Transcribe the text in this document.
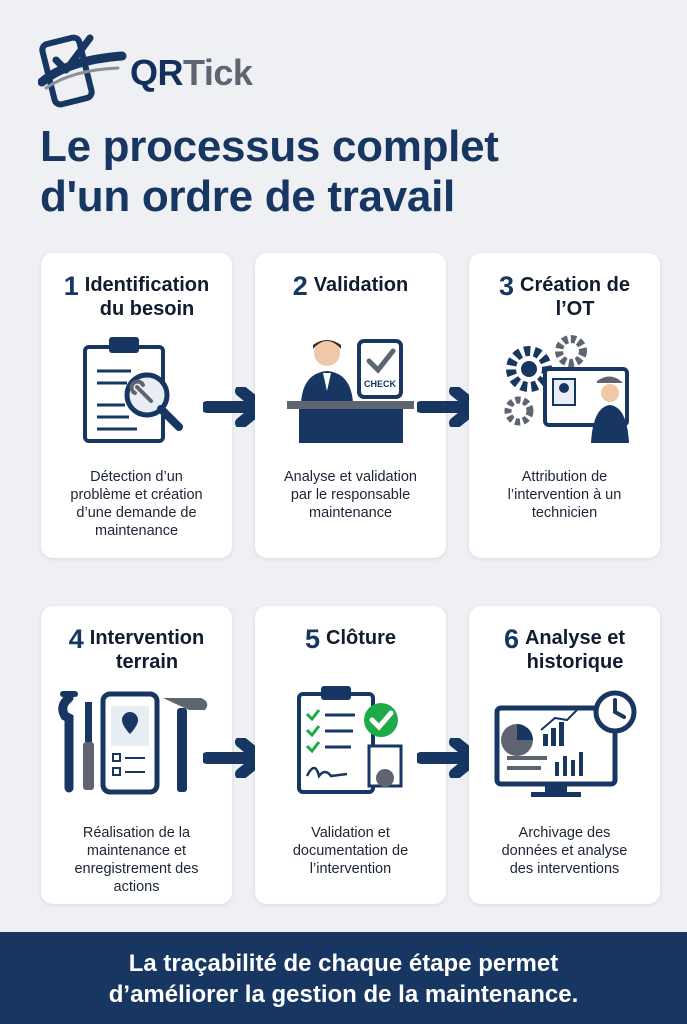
QRTick
Le processus complet
d'un ordre de travail
1 Identification
du besoin
Détection d’un
problème et création
d’une demande de
maintenance
2 Validation
CHECK
Analyse et validation
par le responsable
maintenance
3 Création de
l’OT
Attribution de
l’intervention à un
technicien
4 Intervention
terrain
Réalisation de la
maintenance et
enregistrement des
actions
5 Clôture
Validation et
documentation de
l’intervention
6 Analyse et
historique
Archivage des
données et analyse
des interventions
La traçabilité de chaque étape permet
d’améliorer la gestion de la maintenance.
